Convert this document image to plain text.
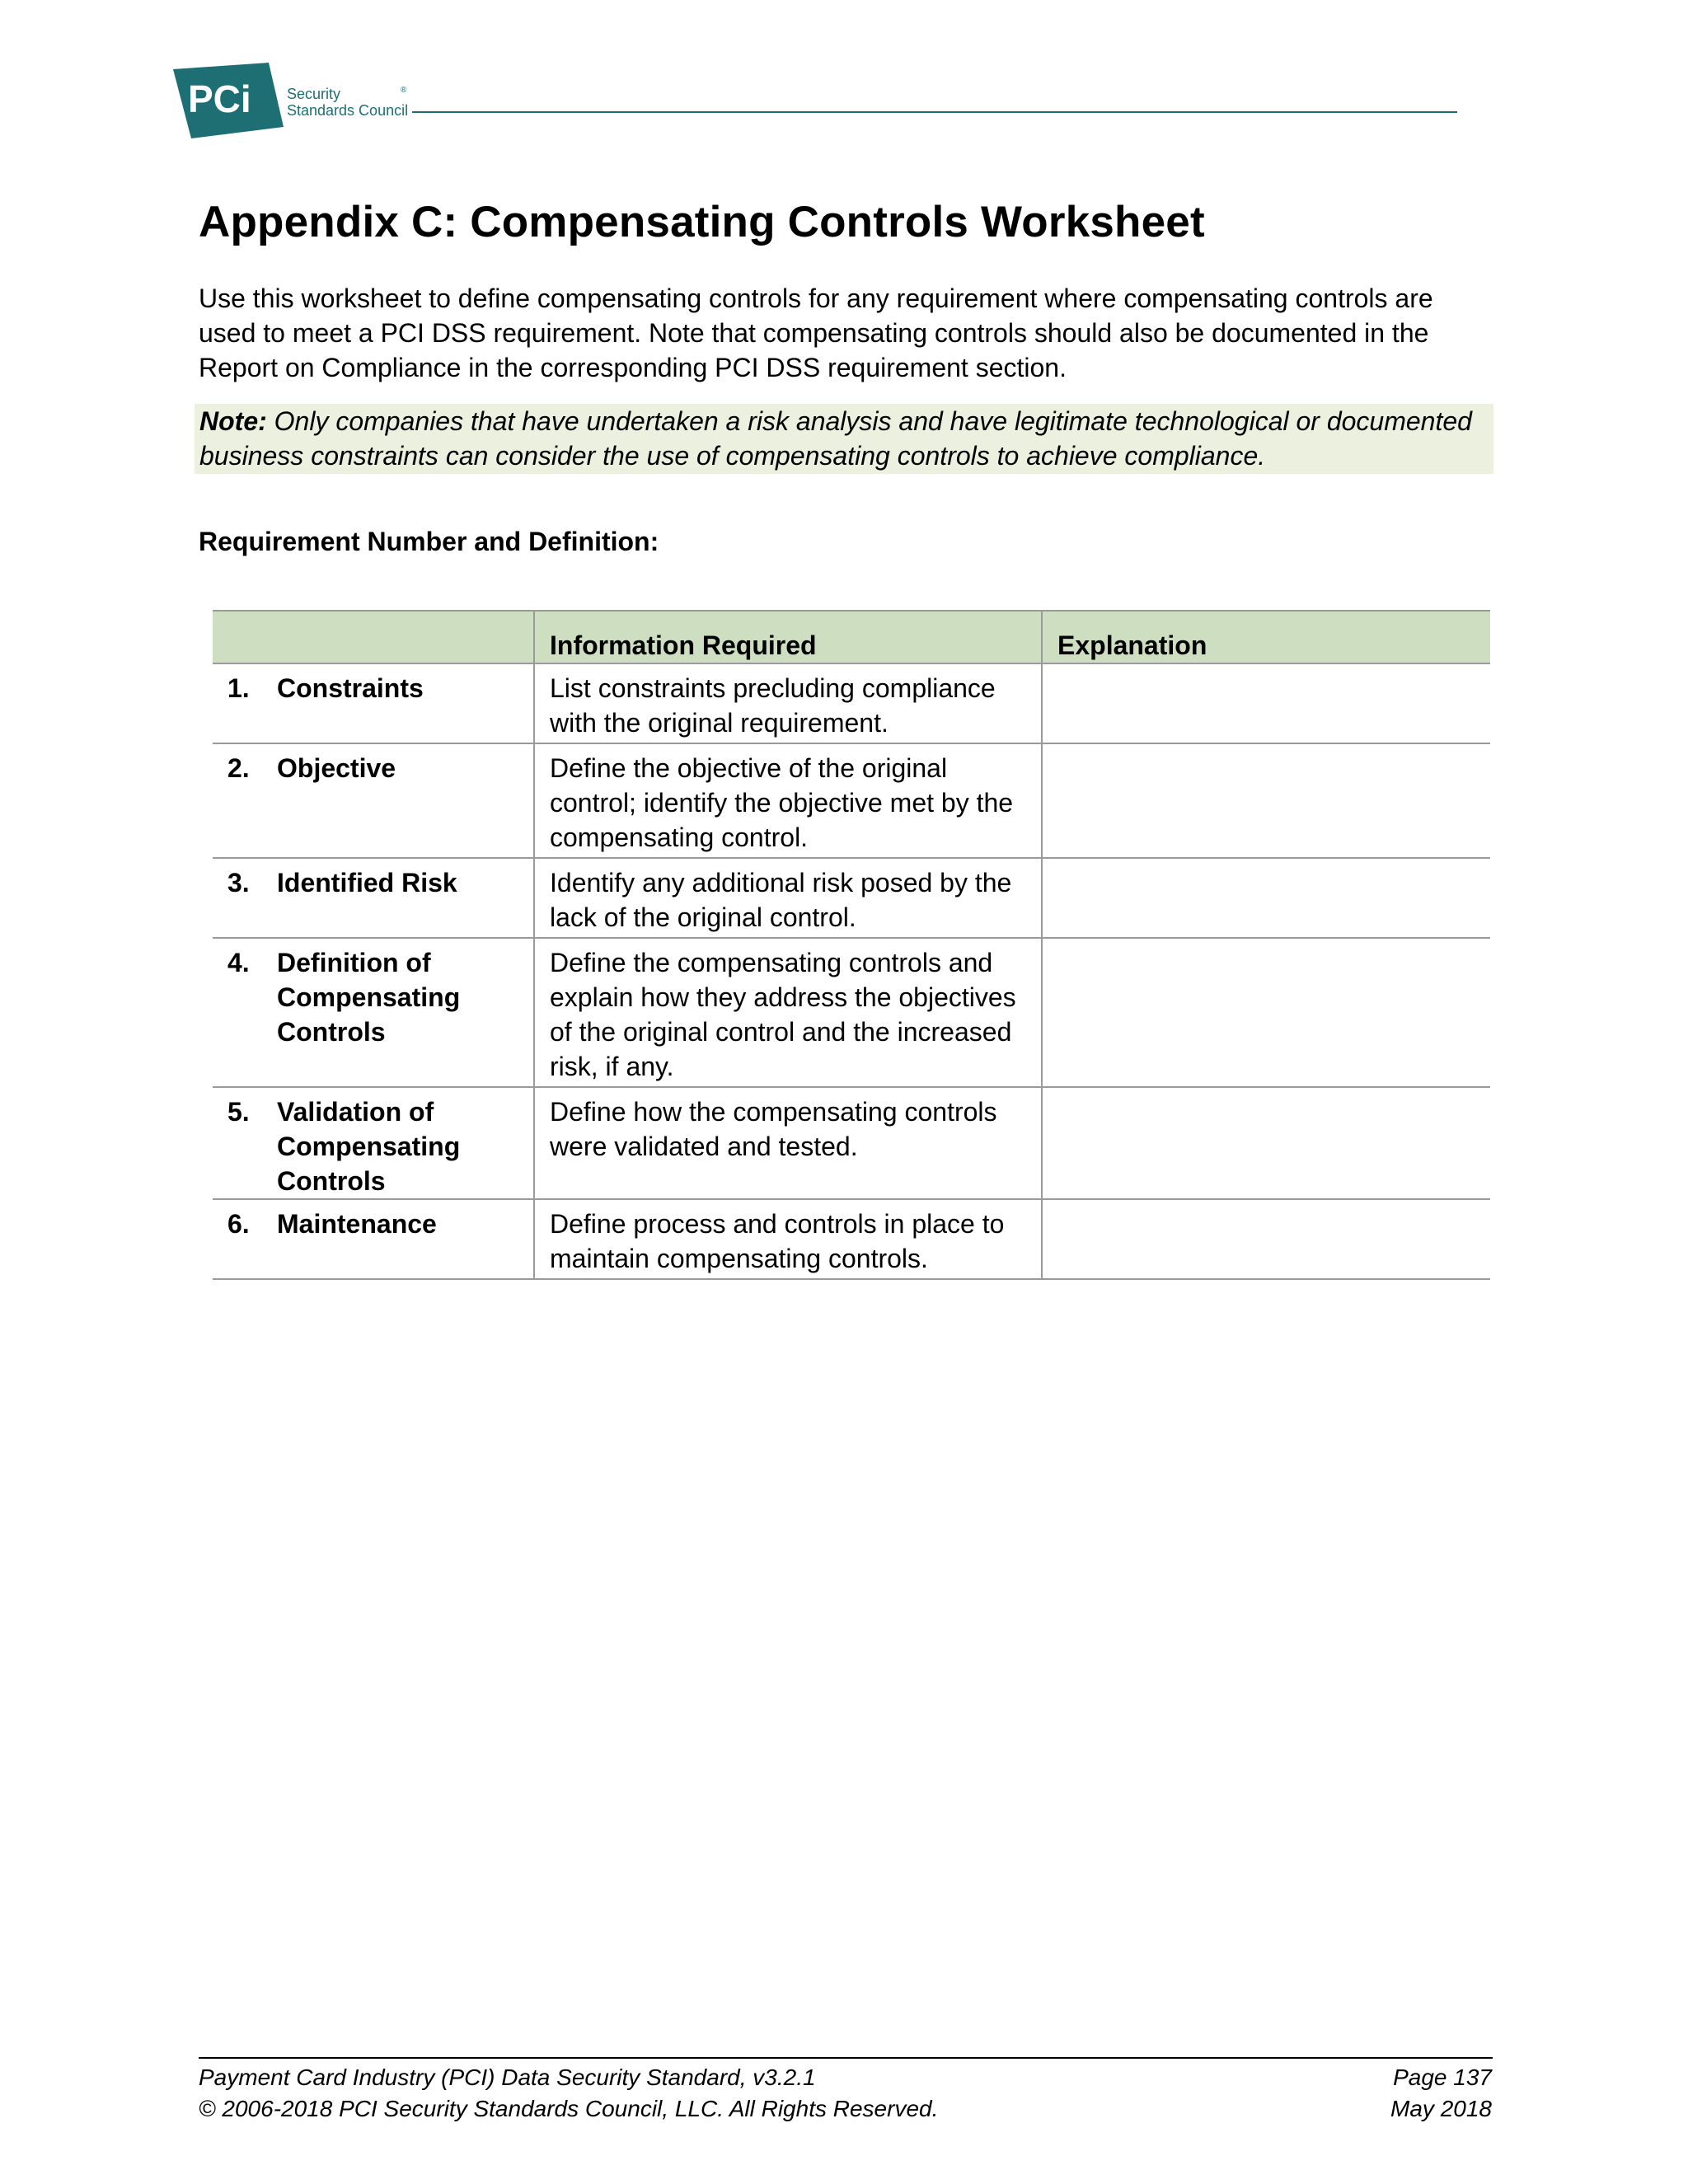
PCi	®
Security
Standards Council
Appendix C: Compensating Controls Worksheet

Use this worksheet to define compensating controls for any requirement where compensating controls are used to meet a PCI DSS requirement. Note that compensating controls should also be documented in the Report on Compliance in the corresponding PCI DSS requirement section.

Note: Only companies that have undertaken a risk analysis and have legitimate technological or documented business constraints can consider the use of compensating controls to achieve compliance.
Requirement Number and Definition:
	Information Required	Explanation

1. Constraints	List constraints precluding compliance with the original requirement.	

2. Objective	Define the objective of the original control; identify the objective met by the compensating control.	

3. Identified Risk	Identify any additional risk posed by the lack of the original control.	

4. Definition of Compensating Controls	Define the compensating controls and explain how they address the objectives of the original control and the increased risk, if any.	

5. Validation of Compensating Controls	Define how the compensating controls were validated and tested.	

6. Maintenance	Define process and controls in place to maintain compensating controls.	
Payment Card Industry (PCI) Data Security Standard, v3.2.1
© 2006-2018 PCI Security Standards Council, LLC. All Rights Reserved.
Page 137
May 2018
